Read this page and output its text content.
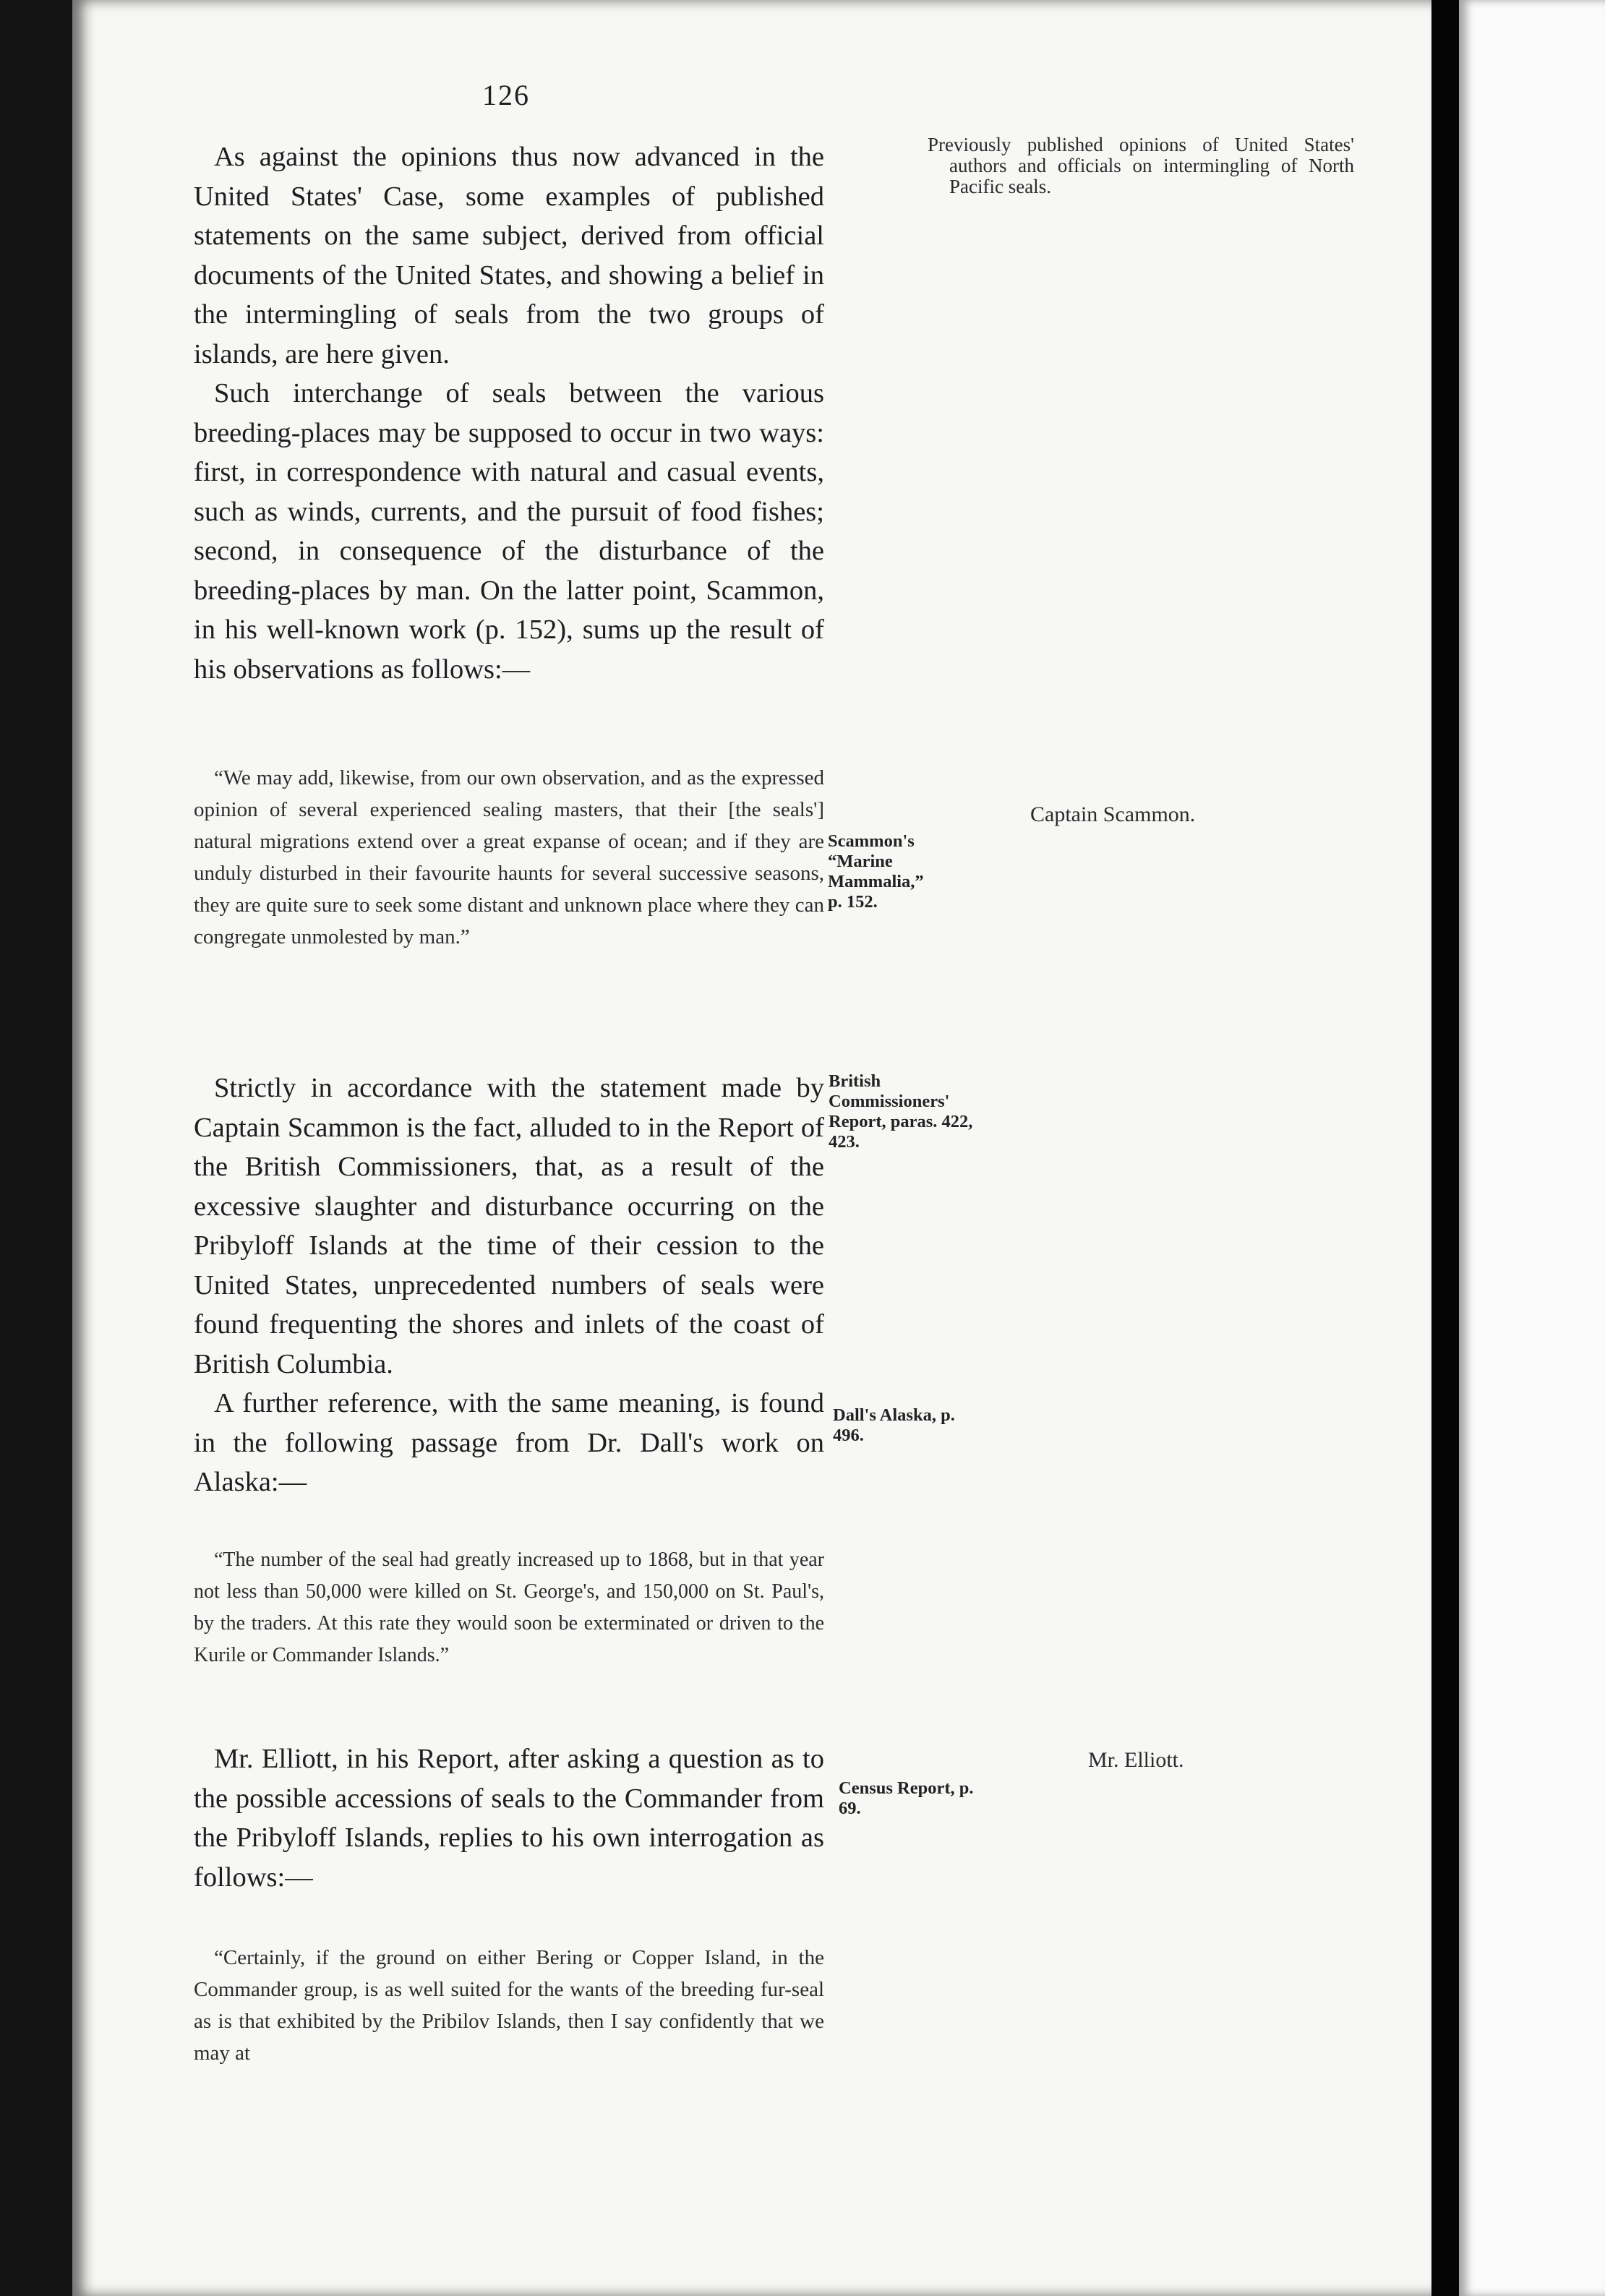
126
Previously published opinions of United States' authors and officials on intermingling of North Pacific seals.

As against the opinions thus now advanced in the United States' Case, some examples of published statements on the same subject, derived from official documents of the United States, and showing a belief in the intermingling of seals from the two groups of islands, are here given.

Such interchange of seals between the various breeding-places may be supposed to occur in two ways: first, in correspondence with natural and casual events, such as winds, currents, and the pursuit of food fishes; second, in consequence of the disturbance of the breeding-places by man. On the latter point, Scammon, in his well-known work (p. 152), sums up the result of his observations as follows:—

“We may add, likewise, from our own observation, and as the expressed opinion of several experienced sealing masters, that their [the seals'] natural migrations extend over a great expanse of ocean; and if they are unduly disturbed in their favourite haunts for several successive seasons, they are quite sure to seek some distant and unknown place where they can congregate unmolested by man.”

Scammon's “Marine Mammalia,” p. 152.
Captain Scammon.

Strictly in accordance with the statement made by Captain Scammon is the fact, alluded to in the Report of the British Commissioners, that, as a result of the excessive slaughter and disturbance occurring on the Pribyloff Islands at the time of their cession to the United States, unprecedented numbers of seals were found frequenting the shores and inlets of the coast of British Columbia.

A further reference, with the same meaning, is found in the following passage from Dr. Dall's work on Alaska:—

British Commissioners' Report, paras. 422, 423.
Dall's Alaska, p. 496.

“The number of the seal had greatly increased up to 1868, but in that year not less than 50,000 were killed on St. George's, and 150,000 on St. Paul's, by the traders. At this rate they would soon be exterminated or driven to the Kurile or Commander Islands.”

Mr. Elliott, in his Report, after asking a question as to the possible accessions of seals to the Commander from the Pribyloff Islands, replies to his own interrogation as follows:—

Census Report, p. 69.
Mr. Elliott.

“Certainly, if the ground on either Bering or Copper Island, in the Commander group, is as well suited for the wants of the breeding fur-seal as is that exhibited by the Pribilov Islands, then I say confidently that we may at
